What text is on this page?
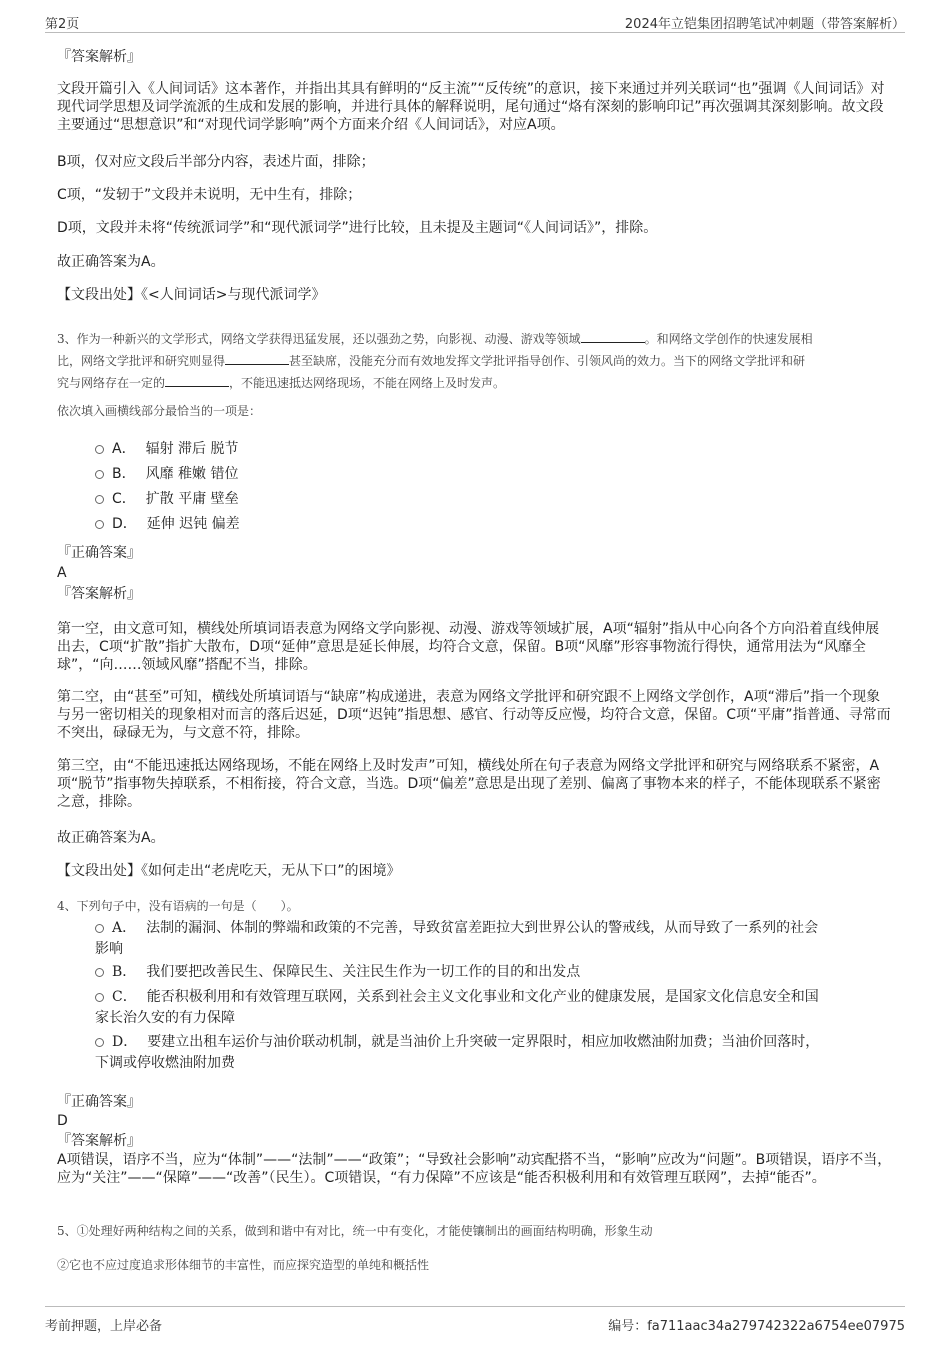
第2页	2024年立铠集团招聘笔试冲刺题（带答案解析）
『答案解析』
文段开篇引入《人间词话》这本著作，并指出其具有鲜明的“反主流”“反传统”的意识，接下来通过并列关联词“也”强调《人间词话》对现代词学思想及词学流派的生成和发展的影响，并进行具体的解释说明，尾句通过“烙有深刻的影响印记”再次强调其深刻影响。故文段主要通过“思想意识”和“对现代词学影响”两个方面来介绍《人间词话》，对应A项。
B项，仅对应文段后半部分内容，表述片面，排除；
C项，“发轫于”文段并未说明，无中生有，排除；
D项，文段并未将“传统派词学”和“现代派词学”进行比较，且未提及主题词“《人间词话》”，排除。
故正确答案为A。
【文段出处】《<人间词话>与现代派词学》
3、作为一种新兴的文学形式，网络文学获得迅猛发展，还以强劲之势，向影视、动漫、游戏等领域	。和网络文学创作的快速发展相
比，网络文学批评和研究则显得	甚至缺席，没能充分而有效地发挥文学批评指导创作、引领风尚的效力。当下的网络文学批评和研
究与网络存在一定的	，不能迅速抵达网络现场，不能在网络上及时发声。
依次填入画横线部分最恰当的一项是：
A． 辐射 滞后 脱节
B． 风靡 稚嫩 错位
C． 扩散 平庸 壁垒
D． 延伸 迟钝 偏差
『正确答案』
A
『答案解析』
第一空，由文意可知，横线处所填词语表意为网络文学向影视、动漫、游戏等领域扩展，A项“辐射”指从中心向各个方向沿着直线伸展出去，C项“扩散”指扩大散布，D项“延伸”意思是延长伸展，均符合文意，保留。B项“风靡”形容事物流行得快，通常用法为“风靡全球”，“向……领域风靡”搭配不当，排除。
第二空，由“甚至”可知，横线处所填词语与“缺席”构成递进，表意为网络文学批评和研究跟不上网络文学创作，A项“滞后”指一个现象与另一密切相关的现象相对而言的落后迟延，D项“迟钝”指思想、感官、行动等反应慢，均符合文意，保留。C项“平庸”指普通、寻常而不突出，碌碌无为，与文意不符，排除。
第三空，由“不能迅速抵达网络现场，不能在网络上及时发声”可知，横线处所在句子表意为网络文学批评和研究与网络联系不紧密，A项“脱节”指事物失掉联系，不相衔接，符合文意，当选。D项“偏差”意思是出现了差别、偏离了事物本来的样子，不能体现联系不紧密之意，排除。
故正确答案为A。
【文段出处】《如何走出“老虎吃天，无从下口”的困境》
4、下列句子中，没有语病的一句是（　　）。
A． 法制的漏洞、体制的弊端和政策的不完善，导致贫富差距拉大到世界公认的警戒线，从而导致了一系列的社会
影响
B． 我们要把改善民生、保障民生、关注民生作为一切工作的目的和出发点
C． 能否积极利用和有效管理互联网，关系到社会主义文化事业和文化产业的健康发展，是国家文化信息安全和国
家长治久安的有力保障
D． 要建立出租车运价与油价联动机制，就是当油价上升突破一定界限时，相应加收燃油附加费；当油价回落时，
下调或停收燃油附加费
『正确答案』
D
『答案解析』
A项错误，语序不当，应为“体制”——“法制”——“政策”；“导致社会影响”动宾配搭不当，“影响”应改为“问题”。B项错误，语序不当，应为“关注”——“保障”——“改善”（民生）。C项错误，“有力保障”不应该是“能否积极利用和有效管理互联网”，去掉“能否”。
5、①处理好两种结构之间的关系，做到和谐中有对比，统一中有变化，才能使镶制出的画面结构明确，形象生动
②它也不应过度追求形体细节的丰富性，而应探究造型的单纯和概括性
考前押题，上岸必备	编号：fa711aac34a279742322a6754ee07975
